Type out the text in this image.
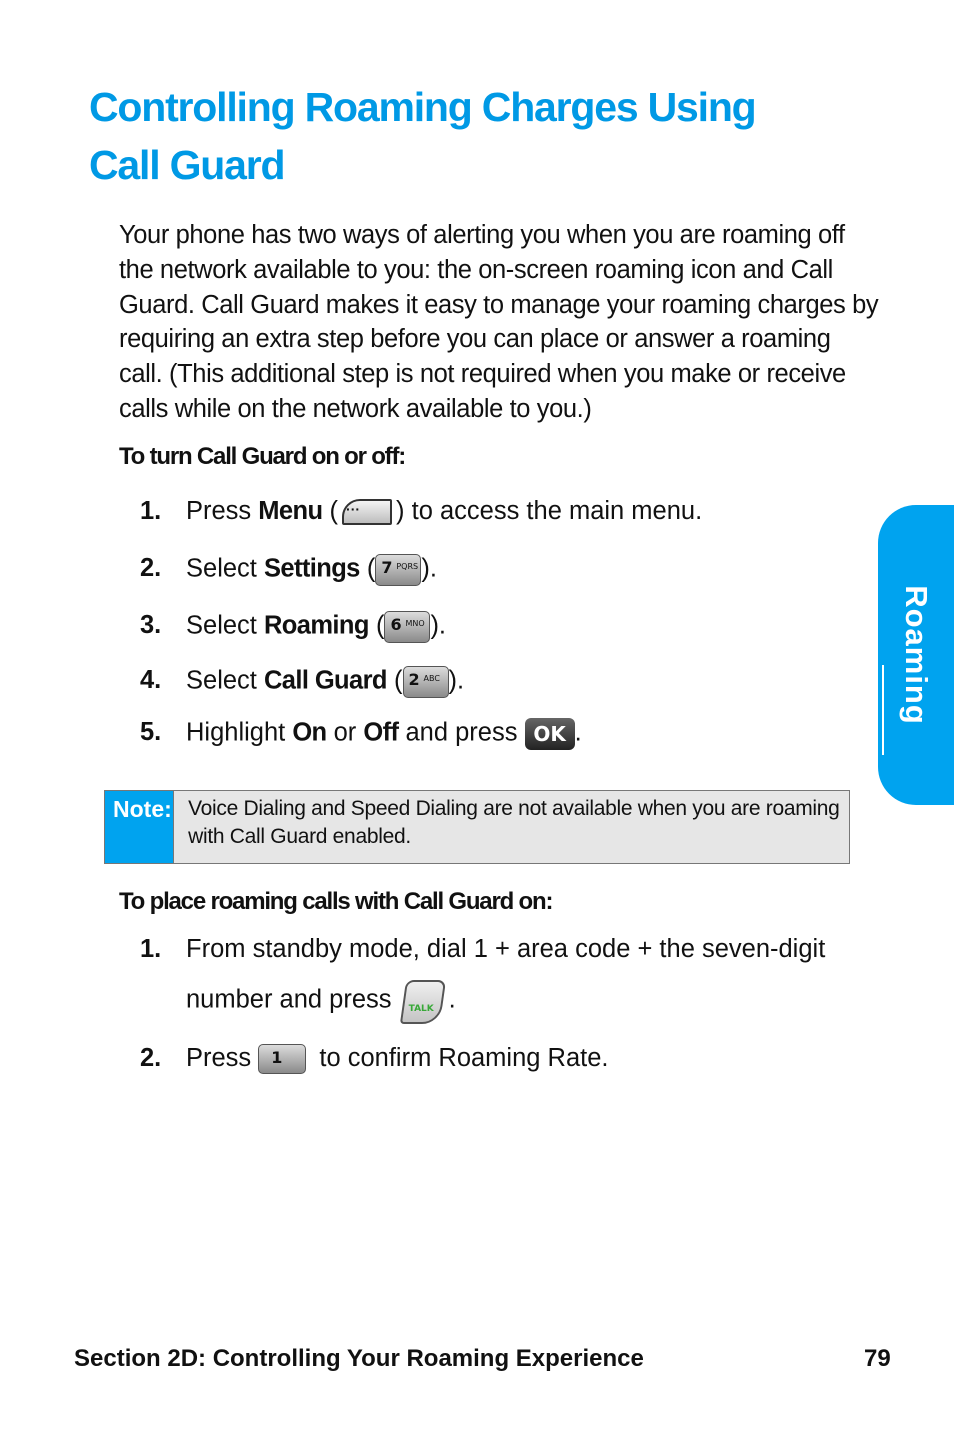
Controlling Roaming Charges Using
Call Guard

Your phone has two ways of alerting you when you are roaming off the network available to you: the on-screen roaming icon and Call Guard. Call Guard makes it easy to manage your roaming charges by requiring an extra step before you can place or answer a roaming call. (This additional step is not required when you make or receive calls while on the network available to you.)

To turn Call Guard on or off:
1. Press Menu ( ··· ) to access the main menu.
2. Select Settings ( 7 PQRS ).
3. Select Roaming ( 6 MNO ).
4. Select Call Guard ( 2 ABC ).
5. Highlight On or Off and press OK .
Note: Voice Dialing and Speed Dialing are not available when you are roaming with Call Guard enabled.
To place roaming calls with Call Guard on:
1. From standby mode, dial 1 + area code + the seven-digit
number and press TALK .
2. Press 1 to confirm Roaming Rate.
Roaming
Section 2D: Controlling Your Roaming Experience	79
